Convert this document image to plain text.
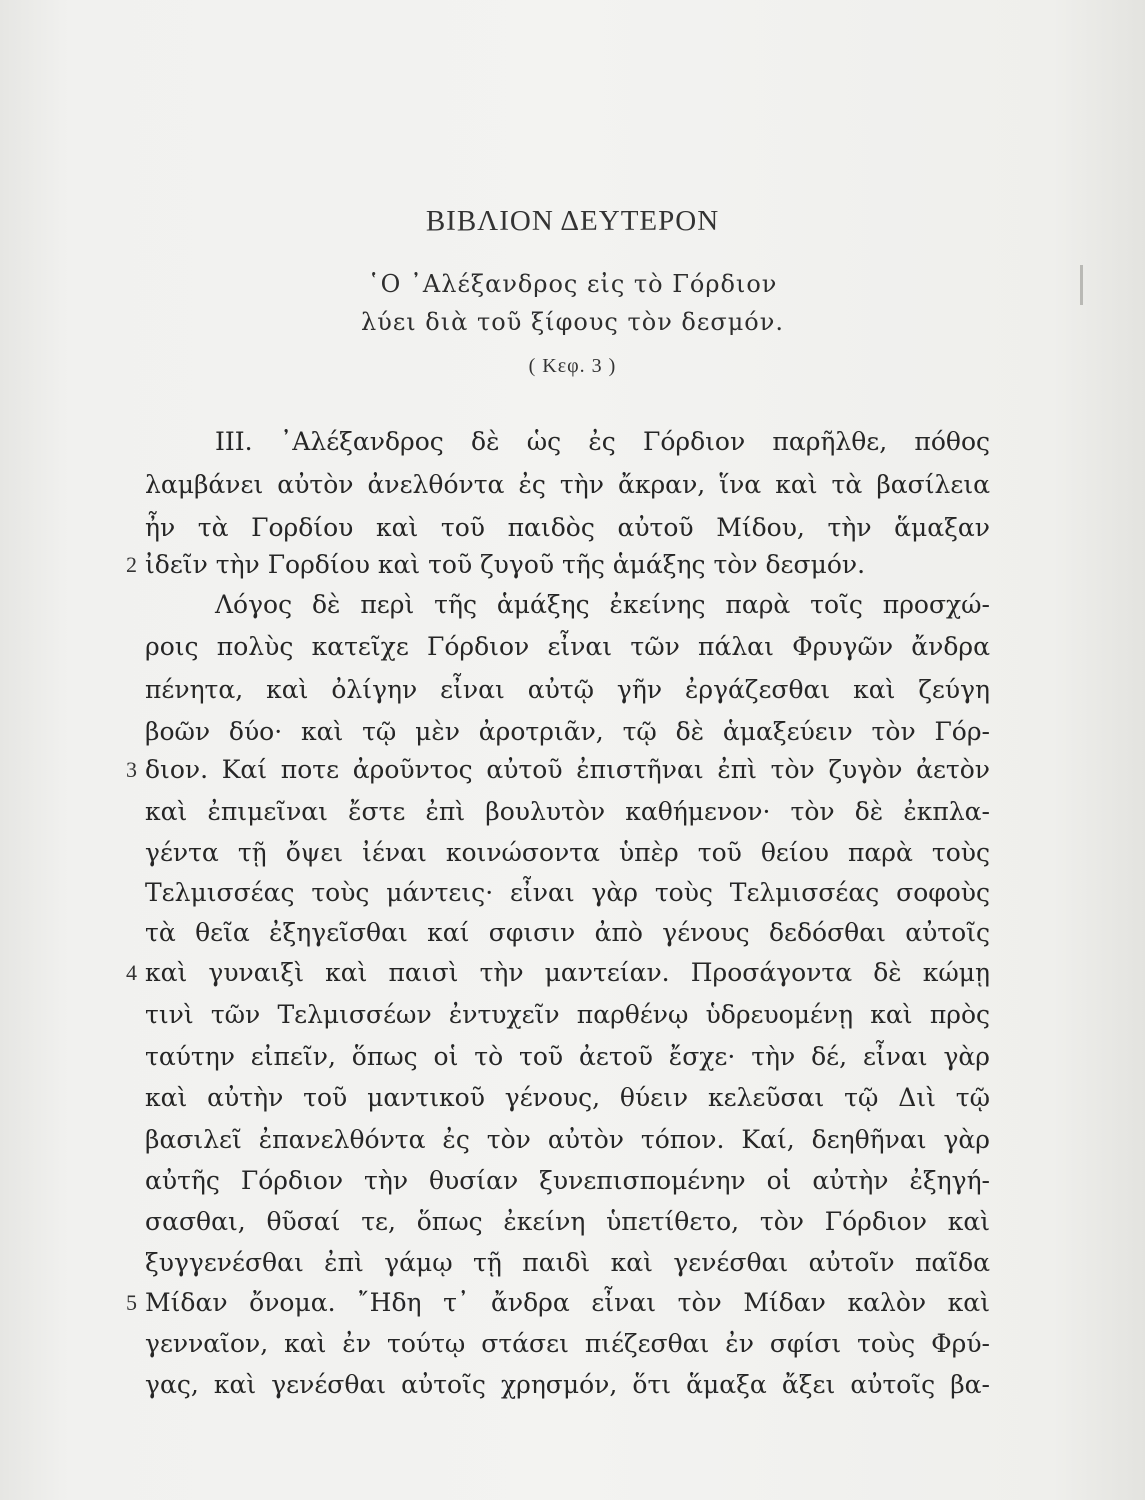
ΒΙΒΛΙΟΝ ΔΕΥΤΕΡΟΝ
῾Ο ᾿Αλέξανδρος εἰς τὸ Γόρδιον
λύει διὰ τοῦ ξίφους τὸν δεσμόν.
( Κεφ. 3 )
III. ᾿Αλέξανδρος δὲ ὡς ἐς Γόρδιον παρῆλθε, πόθος
λαμβάνει αὐτὸν ἀνελθόντα ἐς τὴν ἄκραν, ἵνα καὶ τὰ βασίλεια
ἦν τὰ Γορδίου καὶ τοῦ παιδὸς αὐτοῦ Μίδου, τὴν ἅμαξαν
2 ἰδεῖν τὴν Γορδίου καὶ τοῦ ζυγοῦ τῆς ἁμάξης τὸν δεσμόν.
Λόγος δὲ περὶ τῆς ἁμάξης ἐκείνης παρὰ τοῖς προσχώ-
ροις πολὺς κατεῖχε Γόρδιον εἶναι τῶν πάλαι Φρυγῶν ἄνδρα
πένητα, καὶ ὀλίγην εἶναι αὐτῷ γῆν ἐργάζεσθαι καὶ ζεύγη
βοῶν δύο· καὶ τῷ μὲν ἀροτριᾶν, τῷ δὲ ἁμαξεύειν τὸν Γόρ-
3 διον. Καί ποτε ἀροῦντος αὐτοῦ ἐπιστῆναι ἐπὶ τὸν ζυγὸν ἀετὸν
καὶ ἐπιμεῖναι ἔστε ἐπὶ βουλυτὸν καθήμενον· τὸν δὲ ἐκπλα-
γέντα τῇ ὄψει ἰέναι κοινώσοντα ὑπὲρ τοῦ θείου παρὰ τοὺς
Τελμισσέας τοὺς μάντεις· εἶναι γὰρ τοὺς Τελμισσέας σοφοὺς
τὰ θεῖα ἐξηγεῖσθαι καί σφισιν ἀπὸ γένους δεδόσθαι αὐτοῖς
4 καὶ γυναιξὶ καὶ παισὶ τὴν μαντείαν. Προσάγοντα δὲ κώμῃ
τινὶ τῶν Τελμισσέων ἐντυχεῖν παρθένῳ ὑδρευομένῃ καὶ πρὸς
ταύτην εἰπεῖν, ὅπως οἱ τὸ τοῦ ἀετοῦ ἔσχε· τὴν δέ, εἶναι γὰρ
καὶ αὐτὴν τοῦ μαντικοῦ γένους, θύειν κελεῦσαι τῷ Διὶ τῷ
βασιλεῖ ἐπανελθόντα ἐς τὸν αὐτὸν τόπον. Καί, δεηθῆναι γὰρ
αὐτῆς Γόρδιον τὴν θυσίαν ξυνεπισπομένην οἱ αὐτὴν ἐξηγή-
σασθαι, θῦσαί τε, ὅπως ἐκείνη ὑπετίθετο, τὸν Γόρδιον καὶ
ξυγγενέσθαι ἐπὶ γάμῳ τῇ παιδὶ καὶ γενέσθαι αὐτοῖν παῖδα
5 Μίδαν ὄνομα. ῎Ηδη τ᾿ ἄνδρα εἶναι τὸν Μίδαν καλὸν καὶ
γενναῖον, καὶ ἐν τούτῳ στάσει πιέζεσθαι ἐν σφίσι τοὺς Φρύ-
γας, καὶ γενέσθαι αὐτοῖς χρησμόν, ὅτι ἅμαξα ἄξει αὐτοῖς βα-
